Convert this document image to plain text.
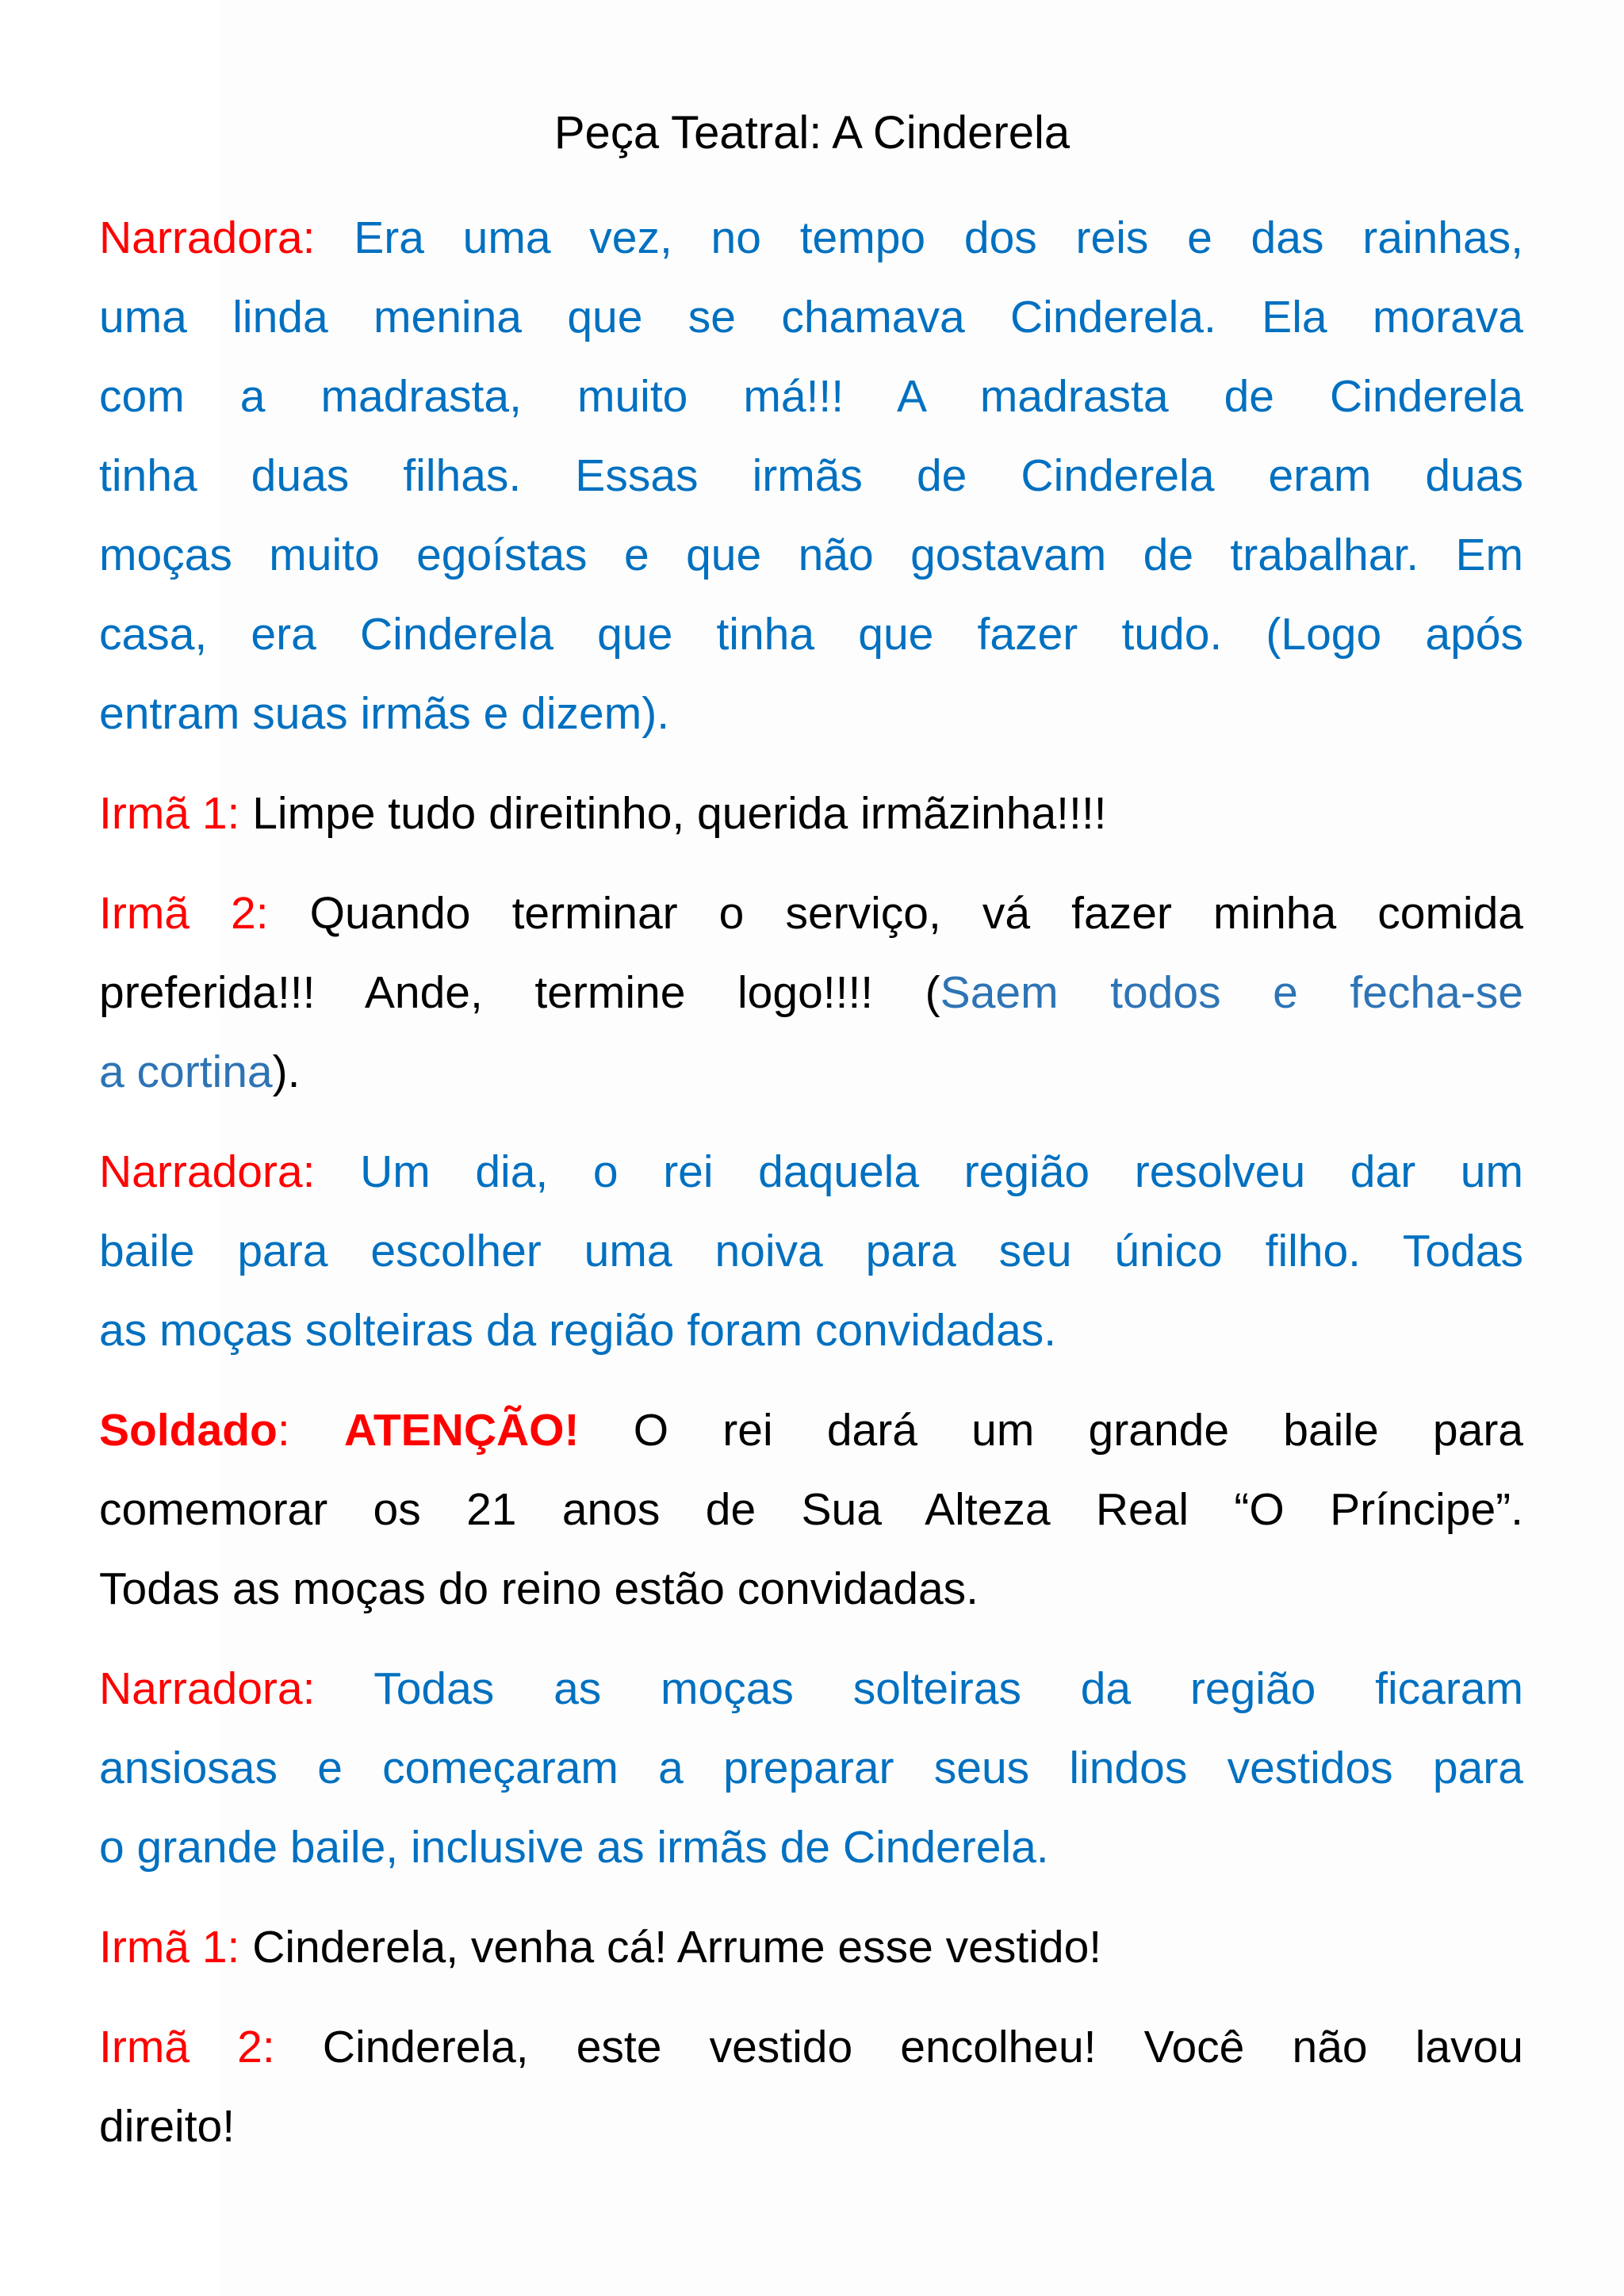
Peça Teatral: A Cinderela
Narradora: Era uma vez, no tempo dos reis e das rainhas,
uma linda menina que se chamava Cinderela. Ela morava
com a madrasta, muito má!!! A madrasta de Cinderela
tinha duas filhas. Essas irmãs de Cinderela eram duas
moças muito egoístas e que não gostavam de trabalhar. Em
casa, era Cinderela que tinha que fazer tudo. (Logo após
entram suas irmãs e dizem).
Irmã 1: Limpe tudo direitinho, querida irmãzinha!!!!
Irmã 2: Quando terminar o serviço, vá fazer minha comida
preferida!!! Ande, termine logo!!!! (Saem todos e fecha-se
a cortina).
Narradora: Um dia, o rei daquela região resolveu dar um
baile para escolher uma noiva para seu único filho. Todas
as moças solteiras da região foram convidadas.
Soldado: ATENÇÃO! O rei dará um grande baile para
comemorar os 21 anos de Sua Alteza Real “O Príncipe”.
Todas as moças do reino estão convidadas.
Narradora: Todas as moças solteiras da região ficaram
ansiosas e começaram a preparar seus lindos vestidos para
o grande baile, inclusive as irmãs de Cinderela.
Irmã 1: Cinderela, venha cá! Arrume esse vestido!
Irmã 2: Cinderela, este vestido encolheu! Você não lavou
direito!
